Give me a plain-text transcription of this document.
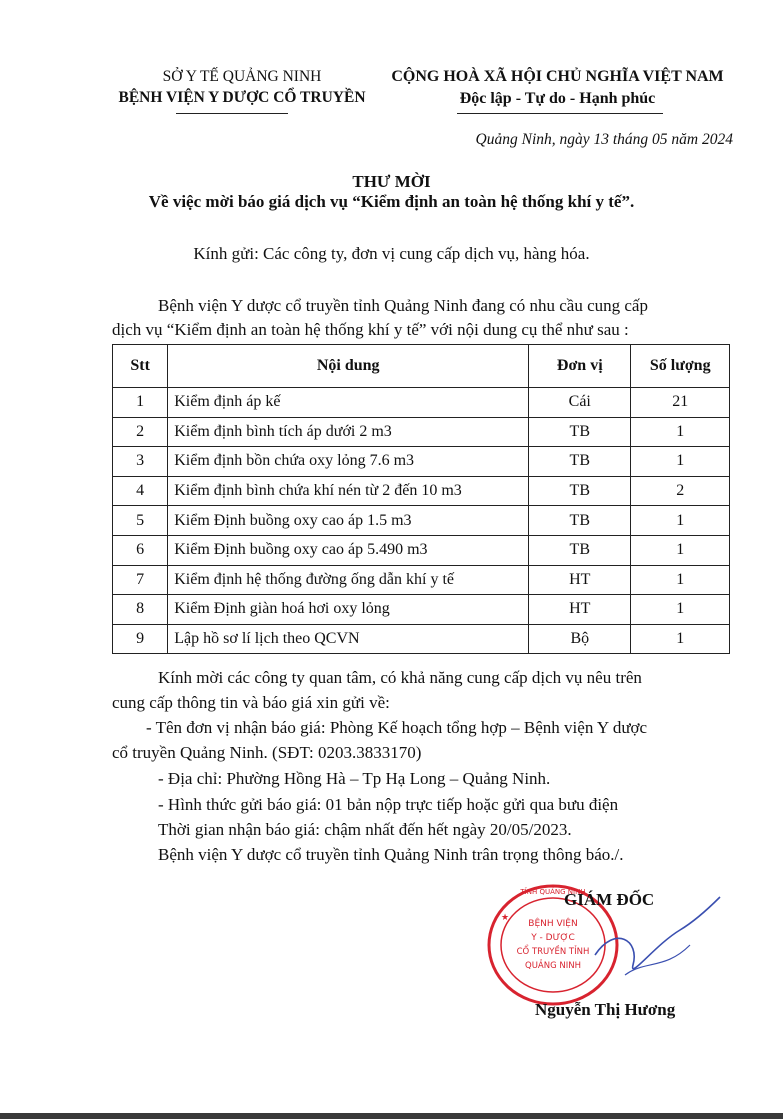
SỞ Y TẾ QUẢNG NINH
BỆNH VIỆN Y DƯỢC CỔ TRUYỀN
CỘNG HOÀ XÃ HỘI CHỦ NGHĨA VIỆT NAM
Độc lập - Tự do - Hạnh phúc
Quảng Ninh, ngày 13 tháng 05 năm 2024
THƯ MỜI
Về việc mời báo giá dịch vụ “Kiểm định an toàn hệ thống khí y tế”.
Kính gửi: Các công ty, đơn vị cung cấp dịch vụ, hàng hóa.
Bệnh viện Y dược cổ truyền tỉnh Quảng Ninh đang có nhu cầu cung cấp
dịch vụ “Kiểm định an toàn hệ thống khí y tế” với nội dung cụ thể như sau :
Stt	Nội dung	Đơn vị	Số lượng
1	Kiểm định áp kế	Cái	21
2	Kiểm định bình tích áp dưới 2 m3	TB	1
3	Kiểm định bồn chứa oxy lỏng 7.6 m3	TB	1
4	Kiểm định bình chứa khí nén từ 2 đến 10 m3	TB	2
5	Kiểm Định buồng oxy cao áp 1.5 m3	TB	1
6	Kiểm Định buồng oxy cao áp 5.490 m3	TB	1
7	Kiểm định hệ thống đường ống dẫn khí y tế	HT	1
8	Kiểm Định giàn hoá hơi oxy lỏng	HT	1
9	Lập hồ sơ lí lịch theo QCVN	Bộ	1
Kính mời các công ty quan tâm, có khả năng cung cấp dịch vụ nêu trên
cung cấp thông tin và báo giá xin gửi về:
- Tên đơn vị nhận báo giá: Phòng Kế hoạch tổng hợp – Bệnh viện Y dược
cổ truyền Quảng Ninh. (SĐT: 0203.3833170)
- Địa chỉ: Phường Hồng Hà – Tp Hạ Long – Quảng Ninh.
- Hình thức gửi báo giá: 01 bản nộp trực tiếp hoặc gửi qua bưu điện
Thời gian nhận báo giá: chậm nhất đến hết ngày 20/05/2023.
Bệnh viện Y dược cổ truyền tỉnh Quảng Ninh trân trọng thông báo./.
BỆNH VIỆN
Y - DƯỢC
CỔ TRUYỀN TỈNH
QUẢNG NINH
TỈNH QUẢNG NINH
★
GIÁM ĐỐC
Nguyễn Thị Hương
